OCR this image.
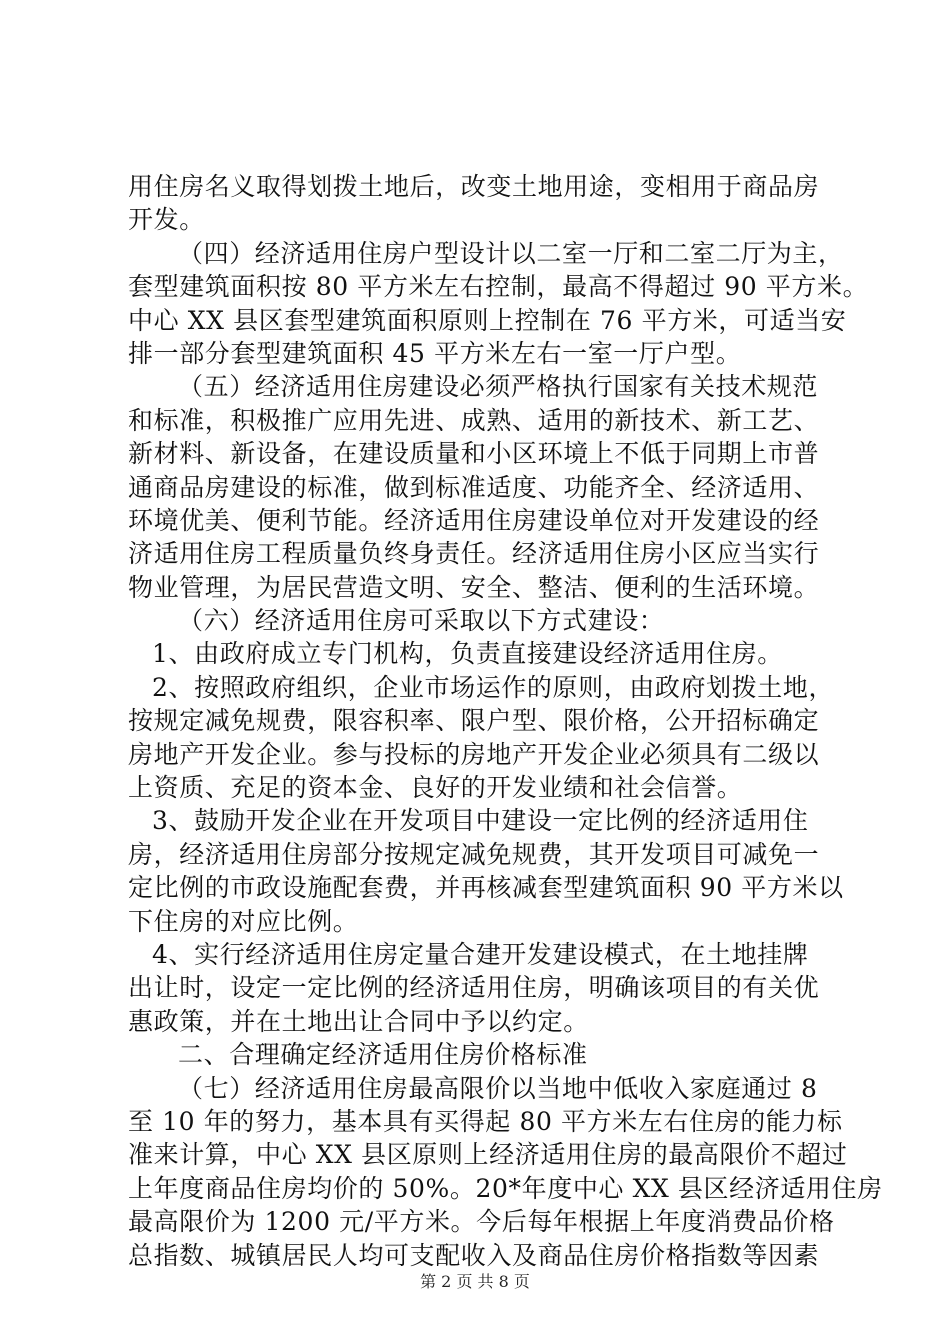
用住房名义取得划拨土地后，改变土地用途，变相用于商品房
开发。
（四）经济适用住房户型设计以二室一厅和二室二厅为主，
套型建筑面积按 80 平方米左右控制，最高不得超过 90 平方米。
中心 XX 县区套型建筑面积原则上控制在 76 平方米，可适当安
排一部分套型建筑面积 45 平方米左右一室一厅户型。
（五）经济适用住房建设必须严格执行国家有关技术规范
和标准，积极推广应用先进、成熟、适用的新技术、新工艺、
新材料、新设备，在建设质量和小区环境上不低于同期上市普
通商品房建设的标准，做到标准适度、功能齐全、经济适用、
环境优美、便利节能。经济适用住房建设单位对开发建设的经
济适用住房工程质量负终身责任。经济适用住房小区应当实行
物业管理，为居民营造文明、安全、整洁、便利的生活环境。
（六）经济适用住房可采取以下方式建设：
1、由政府成立专门机构，负责直接建设经济适用住房。
2、按照政府组织，企业市场运作的原则，由政府划拨土地，
按规定减免规费，限容积率、限户型、限价格，公开招标确定
房地产开发企业。参与投标的房地产开发企业必须具有二级以
上资质、充足的资本金、良好的开发业绩和社会信誉。
3、鼓励开发企业在开发项目中建设一定比例的经济适用住
房，经济适用住房部分按规定减免规费，其开发项目可减免一
定比例的市政设施配套费，并再核减套型建筑面积 90 平方米以
下住房的对应比例。
4、实行经济适用住房定量合建开发建设模式，在土地挂牌
出让时，设定一定比例的经济适用住房，明确该项目的有关优
惠政策，并在土地出让合同中予以约定。
二、合理确定经济适用住房价格标准
（七）经济适用住房最高限价以当地中低收入家庭通过 8
至 10 年的努力，基本具有买得起 80 平方米左右住房的能力标
准来计算，中心 XX 县区原则上经济适用住房的最高限价不超过
上年度商品住房均价的 50%。20*年度中心 XX 县区经济适用住房
最高限价为 1200 元/平方米。今后每年根据上年度消费品价格
总指数、城镇居民人均可支配收入及商品住房价格指数等因素
第 2 页 共 8 页
